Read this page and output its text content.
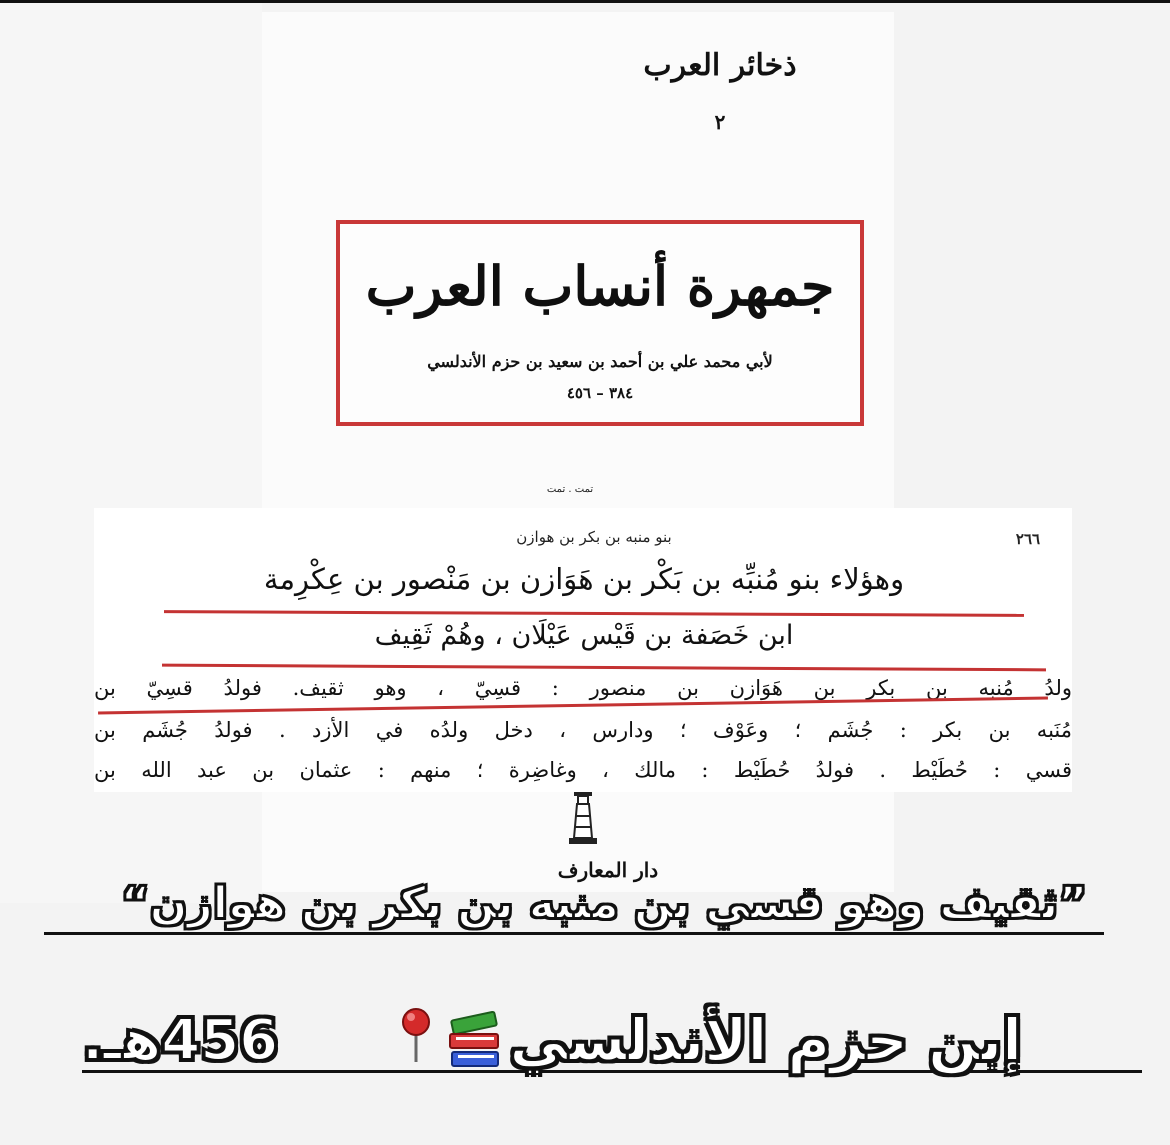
ذخائر العرب
٢
جمهرة أنساب العرب
لأبي محمد علي بن أحمد بن سعيد بن حزم الأندلسي
٣٨٤ – ٤٥٦
تمت . تمت
بنو منبه بن بكر بن هوازن	٢٦٦
وهؤلاء بنو مُنبِّه بن بَكْر بن هَوَازن بن مَنْصور بن عِكْرِمة
ابن خَصَفة بن قَيْس عَيْلَان ، وهُمْ ثَقِيف
ولدُ مُنبه بن بكر بن هَوَازن بن منصور : قسِيّ ، وهو ثقيف. فولدُ قسِيّ بن
مُنَبه بن بكر : جُشَم ؛ وعَوْف ؛ ودارس ، دخل ولدُه في الأزد . فولدُ جُشَم بن
قسي : حُطَيْط . فولدُ حُطَيْط : مالك ، وغاضِرة ؛ منهم : عثمان بن عبد الله بن
دار المعارف
”ثقيف وهو قسي بن منبه بن بكر بن هوازن“
456هـ.	إبن حزم الأندلسي
